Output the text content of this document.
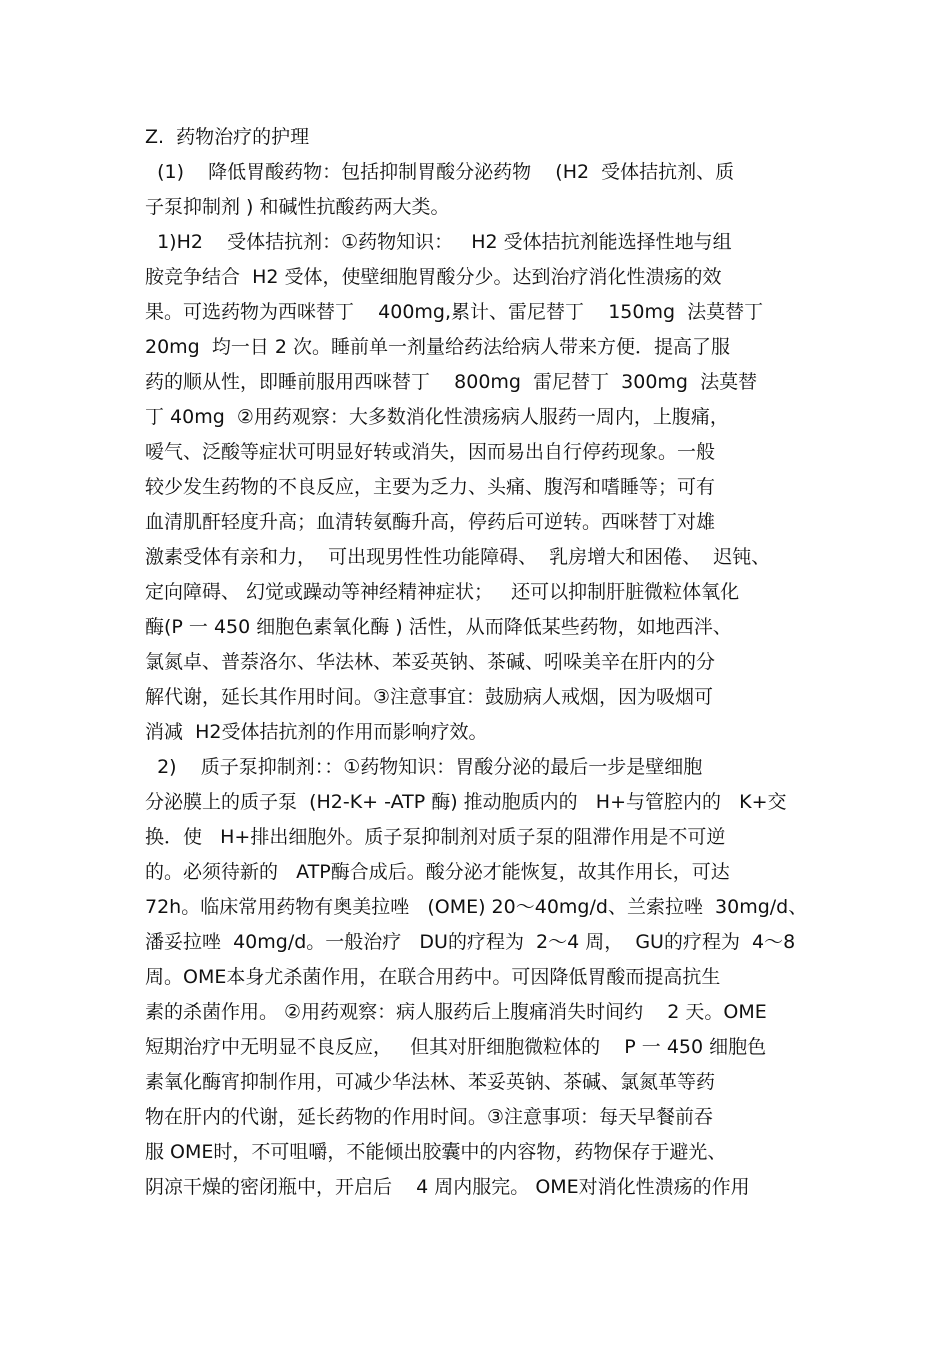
Z.  药物治疗的护理
(1)    降低胃酸药物：包括抑制胃酸分泌药物    (H2  受体拮抗剂、质
子泵抑制剂 ) 和碱性抗酸药两大类。
1)H2    受体拮抗剂：①药物知识：   H2 受体拮抗剂能选择性地与组
胺竞争结合  H2 受体，使壁细胞胃酸分少。达到治疗消化性溃疡的效
果。可选药物为西咪替丁    400mg,累计、雷尼替丁    150mg  法莫替丁
20mg  均一日 2 次。睡前单一剂量给药法给病人带来方便．提高了服
药的顺从性，即睡前服用西咪替丁    800mg  雷尼替丁  300mg  法莫替
丁 40mg  ②用药观察：大多数消化性溃疡病人服药一周内，上腹痛，
嗳气、泛酸等症状可明显好转或消失，因而易出自行停药现象。一般
较少发生药物的不良反应，主要为乏力、头痛、腹泻和嗜睡等；可有
血清肌酐轻度升高；血清转氨酶升高，停药后可逆转。西咪替丁对雄
激素受体有亲和力，  可出现男性性功能障碍、  乳房增大和困倦、  迟钝、
定向障碍、 幻觉或躁动等神经精神症状；   还可以抑制肝脏微粒体氧化
酶(P 一 450 细胞色素氧化酶 ) 活性，从而降低某些药物，如地西泮、
氯氮卓、普萘洛尔、华法林、苯妥英钠、茶碱、吲哚美辛在肝内的分
解代谢，延长其作用时间。③注意事宜：鼓励病人戒烟，因为吸烟可
消减  H2受体拮抗剂的作用而影响疗效。
2)    质子泵抑制剂：：①药物知识：胃酸分泌的最后一步是壁细胞
分泌膜上的质子泵  (H2-K+ -ATP 酶) 推动胞质内的   H+与管腔内的   K+交
换．使   H+排出细胞外。质子泵抑制剂对质子泵的阻滞作用是不可逆
的。必须待新的   ATP酶合成后。酸分泌才能恢复，故其作用长，可达
72h。临床常用药物有奥美拉唑   (OME) 20～40mg/d、兰索拉唑  30mg/d、
潘妥拉唑  40mg/d。一般治疗   DU的疗程为  2～4 周，  GU的疗程为  4～8
周。OME本身尤杀菌作用，在联合用药中。可因降低胃酸而提高抗生
素的杀菌作用。 ②用药观察：病人服药后上腹痛消失时间约    2 天。OME
短期治疗中无明显不良反应，   但其对肝细胞微粒体的    P 一 450 细胞色
素氧化酶宵抑制作用，可减少华法林、苯妥英钠、茶碱、氯氮革等药
物在肝内的代谢，延长药物的作用时间。③注意事项：每天早餐前吞
服 OME时，不可咀嚼，不能倾出胶囊中的内容物，药物保存于避光、
阴凉干燥的密闭瓶中，开启后    4 周内服完。 OME对消化性溃疡的作用
